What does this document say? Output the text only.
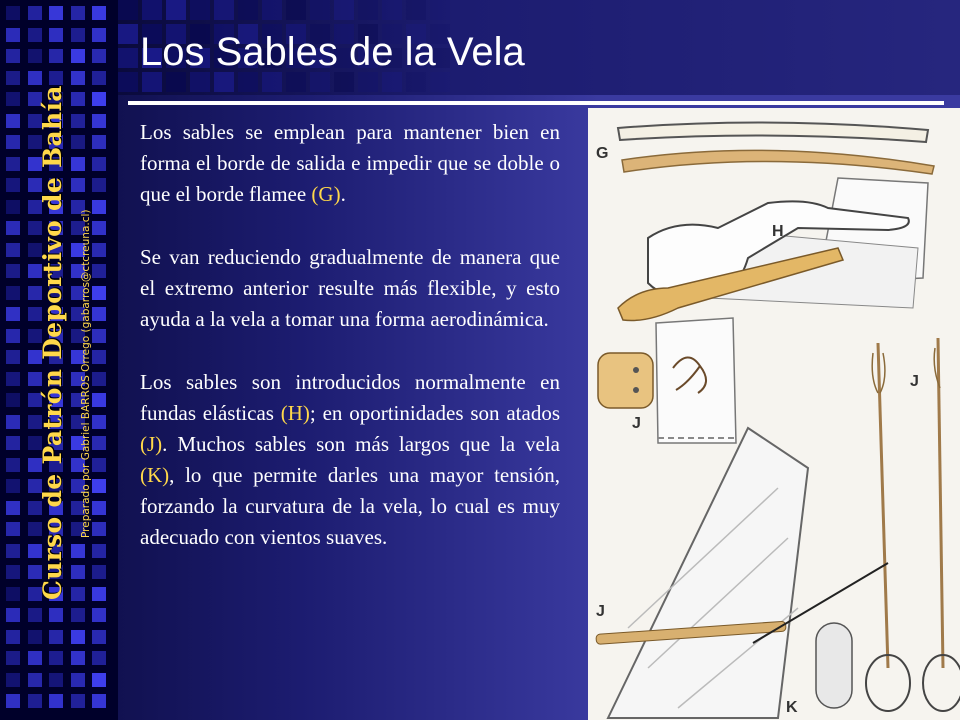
Curso de Patrón Deportivo de Bahía Preparado por Gabriel BARROS Orrego (gabarros@ctcreuna.cl)
Los Sables de la Vela

Los sables se emplean para mantener bien en forma el borde de salida e impedir que se doble o que el borde flamee (G).

Se van reduciendo gradualmente de manera que el extremo anterior resulte más flexible, y esto ayuda a la vela a tomar una forma aerodinámica.

Los sables son introducidos normalmente en fundas elásticas (H); en oportinidades son atados (J). Muchos sables son más largos que la vela (K), lo que permite darles una mayor tensión, forzando la curvatura de la vela, lo cual es muy adecuado con vientos suaves.

G
H
J
J
J
K
